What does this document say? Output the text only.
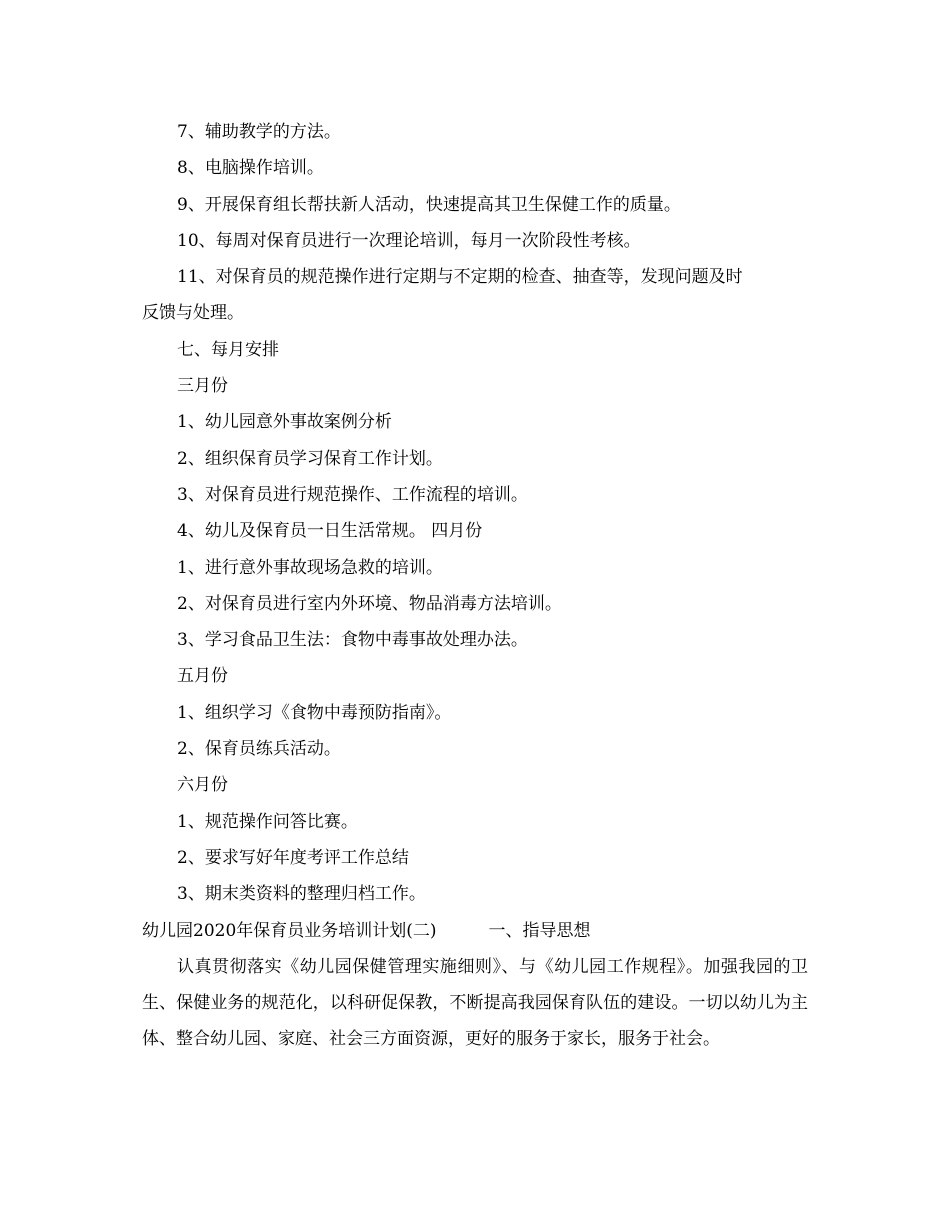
7、辅助教学的方法。

8、电脑操作培训。

9、开展保育组长帮扶新人活动，快速提高其卫生保健工作的质量。

10、每周对保育员进行一次理论培训，每月一次阶段性考核。

11、对保育员的规范操作进行定期与不定期的检查、抽查等，发现问题及时

反馈与处理。

七、每月安排

三月份

1、幼儿园意外事故案例分析

2、组织保育员学习保育工作计划。

3、对保育员进行规范操作、工作流程的培训。

4、幼儿及保育员一日生活常规。 四月份

1、进行意外事故现场急救的培训。

2、对保育员进行室内外环境、物品消毒方法培训。

3、学习食品卫生法：食物中毒事故处理办法。

五月份

1、组织学习《食物中毒预防指南》。

2、保育员练兵活动。

六月份

1、规范操作问答比赛。

2、要求写好年度考评工作总结

3、期末类资料的整理归档工作。

幼儿园2020年保育员业务培训计划(二)	一、指导思想

认真贯彻落实《幼儿园保健管理实施细则》、与《幼儿园工作规程》。加强我园的卫生、保健业务的规范化，以科研促保教，不断提高我园保育队伍的建设。一切以幼儿为主体、整合幼儿园、家庭、社会三方面资源，更好的服务于家长，服务于社会。
